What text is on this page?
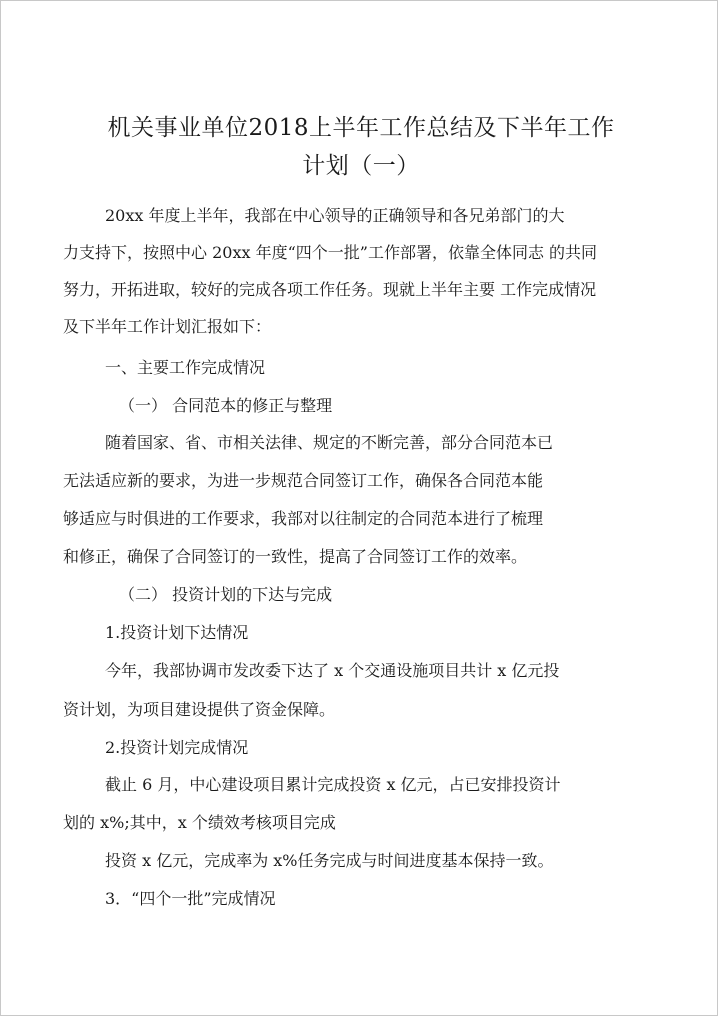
机关事业单位2018上半年工作总结及下半年工作
计划（一）
20xx 年度上半年，我部在中心领导的正确领导和各兄弟部门的大
力支持下，按照中心 20xx 年度“四个一批”工作部署，依靠全体同志 的共同
努力，开拓进取，较好的完成各项工作任务。现就上半年主要 工作完成情况
及下半年工作计划汇报如下：
一、主要工作完成情况
（一） 合同范本的修正与整理
随着国家、省、市相关法律、规定的不断完善，部分合同范本已
无法适应新的要求，为进一步规范合同签订工作，确保各合同范本能
够适应与时俱进的工作要求，我部对以往制定的合同范本进行了梳理
和修正，确保了合同签订的一致性，提高了合同签订工作的效率。
（二） 投资计划的下达与完成
1.投资计划下达情况
今年，我部协调市发改委下达了 x 个交通设施项目共计 x 亿元投
资计划，为项目建设提供了资金保障。
2.投资计划完成情况
截止 6 月，中心建设项目累计完成投资 x 亿元，占已安排投资计
划的 x%;其中，x 个绩效考核项目完成
投资 x 亿元，完成率为 x%任务完成与时间进度基本保持一致。
3．“四个一批”完成情况
